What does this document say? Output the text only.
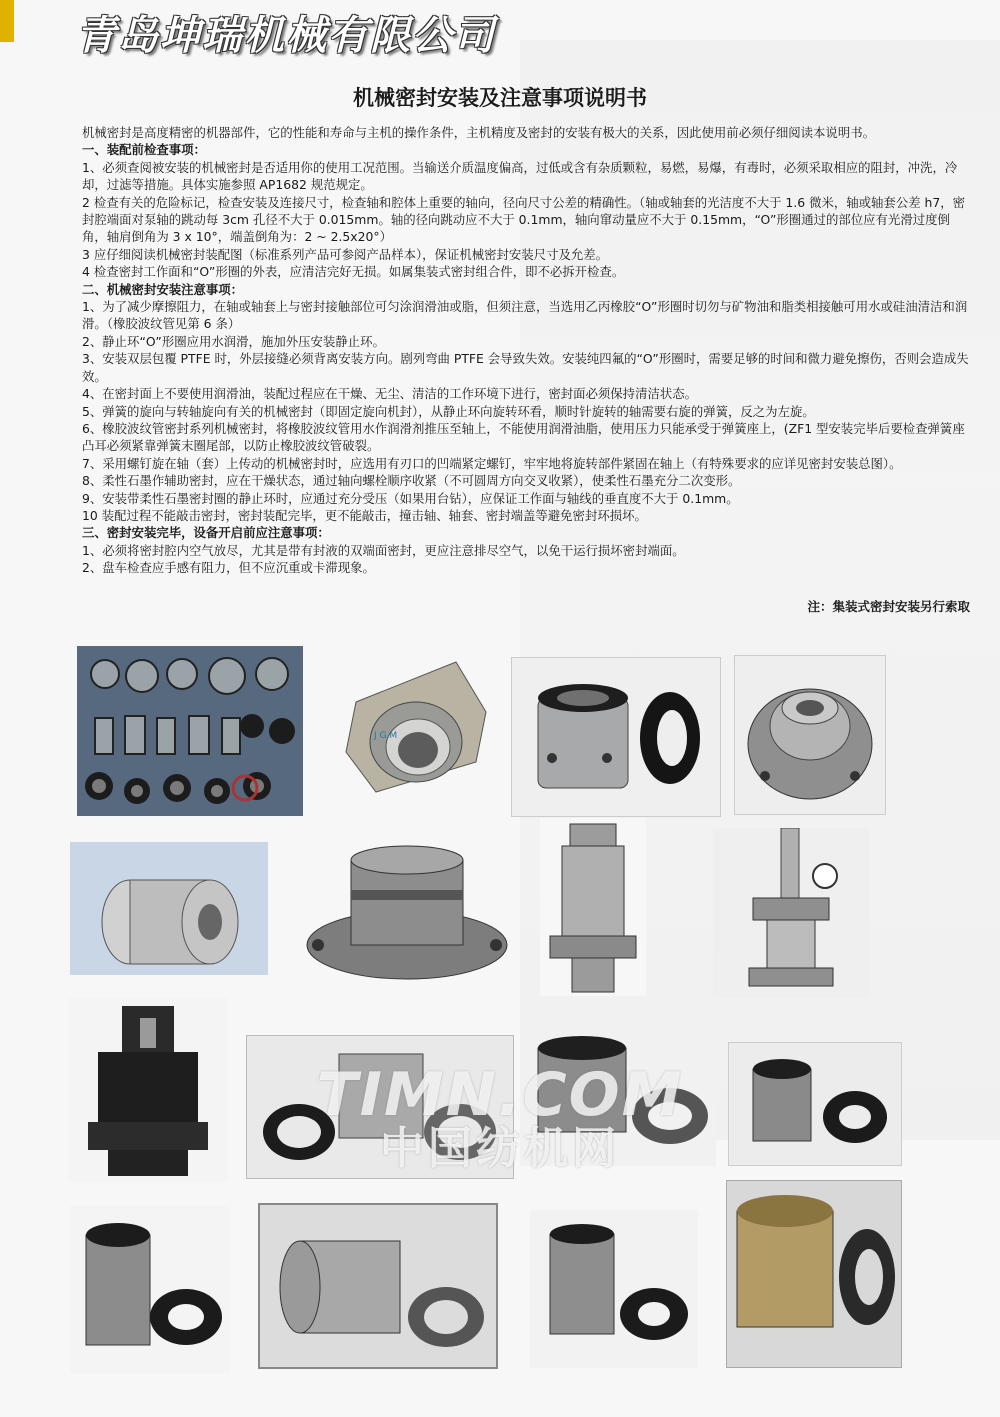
青岛坤瑞机械有限公司
机械密封安装及注意事项说明书

机械密封是高度精密的机器部件，它的性能和寿命与主机的操作条件，主机精度及密封的安装有极大的关系，因此使用前必须仔细阅读本说明书。

一、装配前检查事项：

1、必须查阅被安装的机械密封是否适用你的使用工况范围。当输送介质温度偏高，过低或含有杂质颗粒，易燃，易爆，有毒时，必须采取相应的阻封，冲洗，冷却，过滤等措施。具体实施参照 AP1682 规范规定。

2 检查有关的危险标记，检查安装及连接尺寸，检查轴和腔体上重要的轴向，径向尺寸公差的精确性。（轴或轴套的光洁度不大于 1.6 微米，轴或轴套公差 h7，密封腔端面对泵轴的跳动每 3cm 孔径不大于 0.015mm。轴的径向跳动应不大于 0.1mm，轴向窜动量应不大于 0.15mm，“O”形圈通过的部位应有光滑过度倒角，轴肩倒角为 3 x 10°，端盖倒角为：2 ~ 2.5x20°）

3 应仔细阅读机械密封装配图（标准系列产品可参阅产品样本），保证机械密封安装尺寸及允差。

4 检查密封工作面和“O”形圈的外表，应清洁完好无损。如属集装式密封组合件，即不必拆开检查。

二、机械密封安装注意事项：

1、为了减少摩擦阻力，在轴或轴套上与密封接触部位可匀涂润滑油或脂，但须注意，当选用乙丙橡胶“O”形圈时切勿与矿物油和脂类相接触可用水或硅油清洁和润滑。（橡胶波纹管见第 6 条）

2、静止环“O”形圈应用水润滑，施加外压安装静止环。

3、安装双层包覆 PTFE 时，外层接缝必须背离安装方向。剧列弯曲 PTFE 会导致失效。安装纯四氟的“O”形圈时，需要足够的时间和微力避免擦伤，否则会造成失效。

4、在密封面上不要使用润滑油，装配过程应在干燥、无尘、清洁的工作环境下进行，密封面必须保持清洁状态。

5、弹簧的旋向与转轴旋向有关的机械密封（即固定旋向机封），从静止环向旋转环看，顺时针旋转的轴需要右旋的弹簧，反之为左旋。

6、橡胶波纹管密封系列机械密封，将橡胶波纹管用水作润滑剂推压至轴上，不能使用润滑油脂，使用压力只能承受于弹簧座上，(ZF1 型安装完毕后要检查弹簧座凸耳必须紧靠弹簧末圈尾部，以防止橡胶波纹管破裂。

7、采用螺钉旋在轴（套）上传动的机械密封时，应选用有刃口的凹端紧定螺钉，牢牢地将旋转部件紧固在轴上（有特殊要求的应详见密封安装总图）。

8、柔性石墨作辅助密封，应在干燥状态，通过轴向螺栓顺序收紧（不可圆周方向交叉收紧），使柔性石墨充分二次变形。

9、安装带柔性石墨密封圈的静止环时，应通过充分受压（如果用台钻），应保证工作面与轴线的垂直度不大于 0.1mm。

10 装配过程不能敲击密封，密封装配完毕，更不能敲击，撞击轴、轴套、密封端盖等避免密封环损坏。

三、密封安装完毕，设备开启前应注意事项：

1、必须将密封腔内空气放尽，尤其是带有封液的双端面密封，更应注意排尽空气，以免干运行损坏密封端面。

2、盘车检查应手感有阻力，但不应沉重或卡滞现象。

注：集装式密封安装另行索取
J G M
TIMN.COM
中国纺机网
